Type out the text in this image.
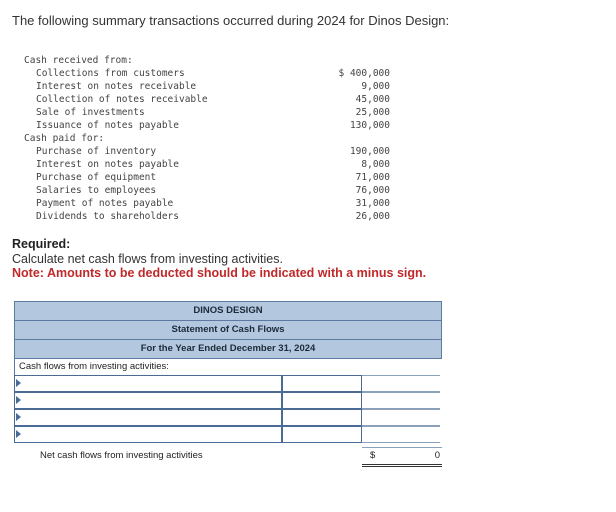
The following summary transactions occurred during 2024 for Dinos Design:
Cash received from:
Collections from customers	$ 400,000
Interest on notes receivable	9,000
Collection of notes receivable	45,000
Sale of investments	25,000
Issuance of notes payable	130,000
Cash paid for:
Purchase of inventory	190,000
Interest on notes payable	8,000
Purchase of equipment	71,000
Salaries to employees	76,000
Payment of notes payable	31,000
Dividends to shareholders	26,000
Required:
Calculate net cash flows from investing activities.
Note: Amounts to be deducted should be indicated with a minus sign.
DINOS DESIGN
Statement of Cash Flows
For the Year Ended December 31, 2024
Cash flows from investing activities:
Net cash flows from investing activities	$	0
